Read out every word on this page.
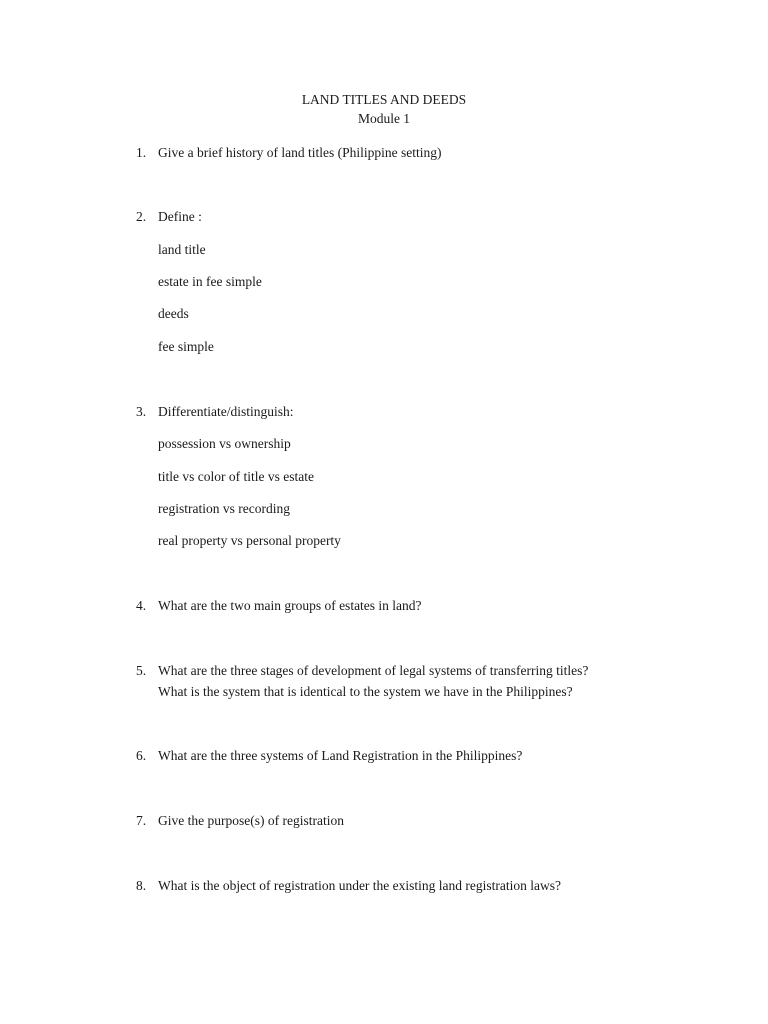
LAND TITLES AND DEEDS
Module 1
1. Give a brief history of land titles (Philippine setting)
2. Define :
land title
estate in fee simple
deeds
fee simple
3. Differentiate/distinguish:
possession vs ownership
title vs color of title vs estate
registration vs recording
real property vs personal property
4. What are the two main groups of estates in land?
5. What are the three stages of development of legal systems of transferring titles?
What is the system that is identical to the system we have in the Philippines?
6. What are the three systems of Land Registration in the Philippines?
7. Give the purpose(s) of registration
8. What is the object of registration under the existing land registration laws?
